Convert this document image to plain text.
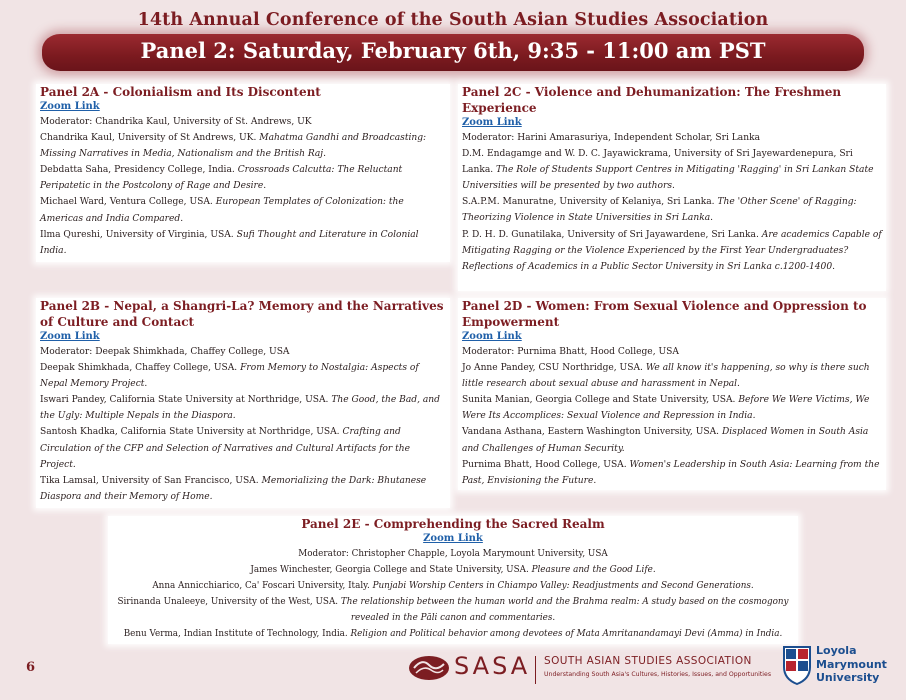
14th Annual Conference of the South Asian Studies Association
Panel 2: Saturday, February 6th, 9:35 - 11:00 am PST
Panel 2A - Colonialism and Its Discontent
Zoom Link
Moderator: Chandrika Kaul, University of St. Andrews, UK
Chandrika Kaul, University of St Andrews, UK. Mahatma Gandhi and Broadcasting: Missing Narratives in Media, Nationalism and the British Raj.
Debdatta Saha, Presidency College, India. Crossroads Calcutta: The Reluctant Peripatetic in the Postcolony of Rage and Desire.
Michael Ward, Ventura College, USA. European Templates of Colonization: the Americas and India Compared.
Ilma Qureshi, University of Virginia, USA. Sufi Thought and Literature in Colonial India.
Panel 2C - Violence and Dehumanization: The Freshmen Experience
Zoom Link
Moderator: Harini Amarasuriya, Independent Scholar, Sri Lanka
D.M. Endagamge and W. D. C. Jayawickrama, University of Sri Jayewardenepura, Sri Lanka. The Role of Students Support Centres in Mitigating 'Ragging' in Sri Lankan State Universities will be presented by two authors.
S.A.P.M. Manuratne, University of Kelaniya, Sri Lanka. The 'Other Scene' of Ragging: Theorizing Violence in State Universities in Sri Lanka.
P. D. H. D. Gunatilaka, University of Sri Jayawardene, Sri Lanka. Are academics Capable of Mitigating Ragging or the Violence Experienced by the First Year Undergraduates? Reflections of Academics in a Public Sector University in Sri Lanka c.1200-1400.
Panel 2B - Nepal, a Shangri-La? Memory and the Narratives of Culture and Contact
Zoom Link
Moderator: Deepak Shimkhada, Chaffey College, USA
Deepak Shimkhada, Chaffey College, USA. From Memory to Nostalgia: Aspects of Nepal Memory Project.
Iswari Pandey, California State University at Northridge, USA. The Good, the Bad, and the Ugly: Multiple Nepals in the Diaspora.
Santosh Khadka, California State University at Northridge, USA. Crafting and Circulation of the CFP and Selection of Narratives and Cultural Artifacts for the Project.
Tika Lamsal, University of San Francisco, USA. Memorializing the Dark: Bhutanese Diaspora and their Memory of Home.
Panel 2D - Women: From Sexual Violence and Oppression to Empowerment
Zoom Link
Moderator: Purnima Bhatt, Hood College, USA
Jo Anne Pandey, CSU Northridge, USA. We all know it's happening, so why is there such little research about sexual abuse and harassment in Nepal.
Sunita Manian, Georgia College and State University, USA. Before We Were Victims, We Were Its Accomplices: Sexual Violence and Repression in India.
Vandana Asthana, Eastern Washington University, USA. Displaced Women in South Asia and Challenges of Human Security.
Purnima Bhatt, Hood College, USA. Women's Leadership in South Asia: Learning from the Past, Envisioning the Future.
Panel 2E - Comprehending the Sacred Realm
Zoom Link
Moderator: Christopher Chapple, Loyola Marymount University, USA
James Winchester, Georgia College and State University, USA. Pleasure and the Good Life.
Anna Annicchiarico, Ca' Foscari University, Italy. Punjabi Worship Centers in Chiampo Valley: Readjustments and Second Generations.
Sirinanda Unaleeye, University of the West, USA. The relationship between the human world and the Brahma realm: A study based on the cosmogony revealed in the Pāli canon and commentaries.
Benu Verma, Indian Institute of Technology, India. Religion and Political behavior among devotees of Mata Amritanandamayi Devi (Amma) in India.
6	SASA SOUTH ASIAN STUDIES ASSOCIATION
Understanding South Asia's Cultures, Histories, Issues, and Opportunities
Loyola
Marymount
University
